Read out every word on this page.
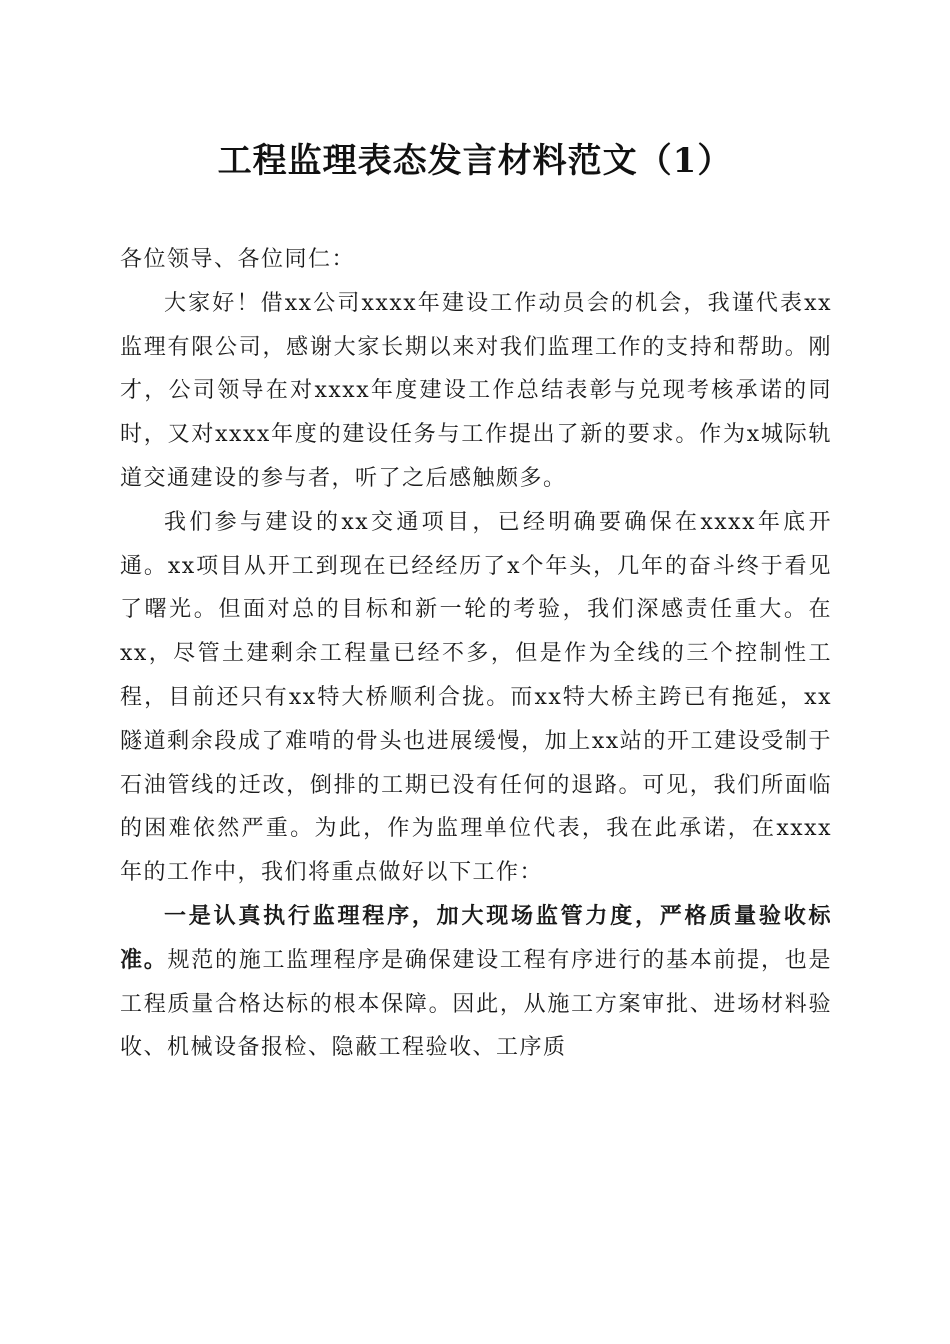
工程监理表态发言材料范文（1）

各位领导、各位同仁：

大家好！借xx公司xxxx年建设工作动员会的机会，我谨代表xx监理有限公司，感谢大家长期以来对我们监理工作的支持和帮助。刚才，公司领导在对xxxx年度建设工作总结表彰与兑现考核承诺的同时，又对xxxx年度的建设任务与工作提出了新的要求。作为x城际轨道交通建设的参与者，听了之后感触颇多。

我们参与建设的xx交通项目，已经明确要确保在xxxx年底开通。xx项目从开工到现在已经经历了x个年头，几年的奋斗终于看见了曙光。但面对总的目标和新一轮的考验，我们深感责任重大。在xx，尽管土建剩余工程量已经不多，但是作为全线的三个控制性工程，目前还只有xx特大桥顺利合拢。而xx特大桥主跨已有拖延，xx隧道剩余段成了难啃的骨头也进展缓慢，加上xx站的开工建设受制于石油管线的迁改，倒排的工期已没有任何的退路。可见，我们所面临的困难依然严重。为此，作为监理单位代表，我在此承诺，在xxxx年的工作中，我们将重点做好以下工作：

一是认真执行监理程序，加大现场监管力度，严格质量验收标准。规范的施工监理程序是确保建设工程有序进行的基本前提，也是工程质量合格达标的根本保障。因此，从施工方案审批、进场材料验收、机械设备报检、隐蔽工程验收、工序质
